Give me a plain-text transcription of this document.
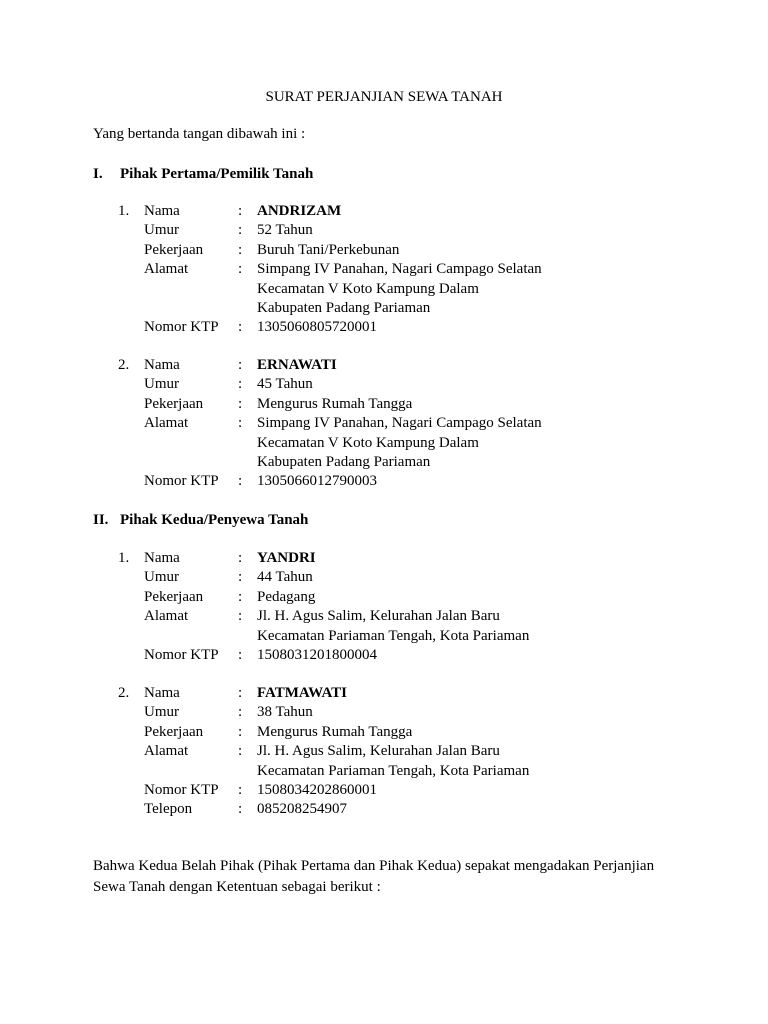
SURAT PERJANJIAN SEWA TANAH

Yang bertanda tangan dibawah ini :

I. Pihak Pertama/Pemilik Tanah
1. Nama	: ANDRIZAM
Umur	: 52 Tahun
Pekerjaan : Buruh Tani/Perkebunan
Alamat	: Simpang IV Panahan, Nagari Campago Selatan
Kecamatan V Koto Kampung Dalam
Kabupaten Padang Pariaman
Nomor KTP : 1305060805720001
2. Nama	: ERNAWATI
Umur	: 45 Tahun
Pekerjaan : Mengurus Rumah Tangga
Alamat	: Simpang IV Panahan, Nagari Campago Selatan
Kecamatan V Koto Kampung Dalam
Kabupaten Padang Pariaman
Nomor KTP : 1305066012790003
II. Pihak Kedua/Penyewa Tanah
1. Nama	: YANDRI
Umur	: 44 Tahun
Pekerjaan : Pedagang
Alamat	: Jl. H. Agus Salim, Kelurahan Jalan Baru
Kecamatan Pariaman Tengah, Kota Pariaman
Nomor KTP : 1508031201800004
2. Nama	: FATMAWATI
Umur	: 38 Tahun
Pekerjaan : Mengurus Rumah Tangga
Alamat	: Jl. H. Agus Salim, Kelurahan Jalan Baru
Kecamatan Pariaman Tengah, Kota Pariaman
Nomor KTP : 1508034202860001
Telepon	: 085208254907

Bahwa Kedua Belah Pihak (Pihak Pertama dan Pihak Kedua) sepakat mengadakan Perjanjian
Sewa Tanah dengan Ketentuan sebagai berikut :
